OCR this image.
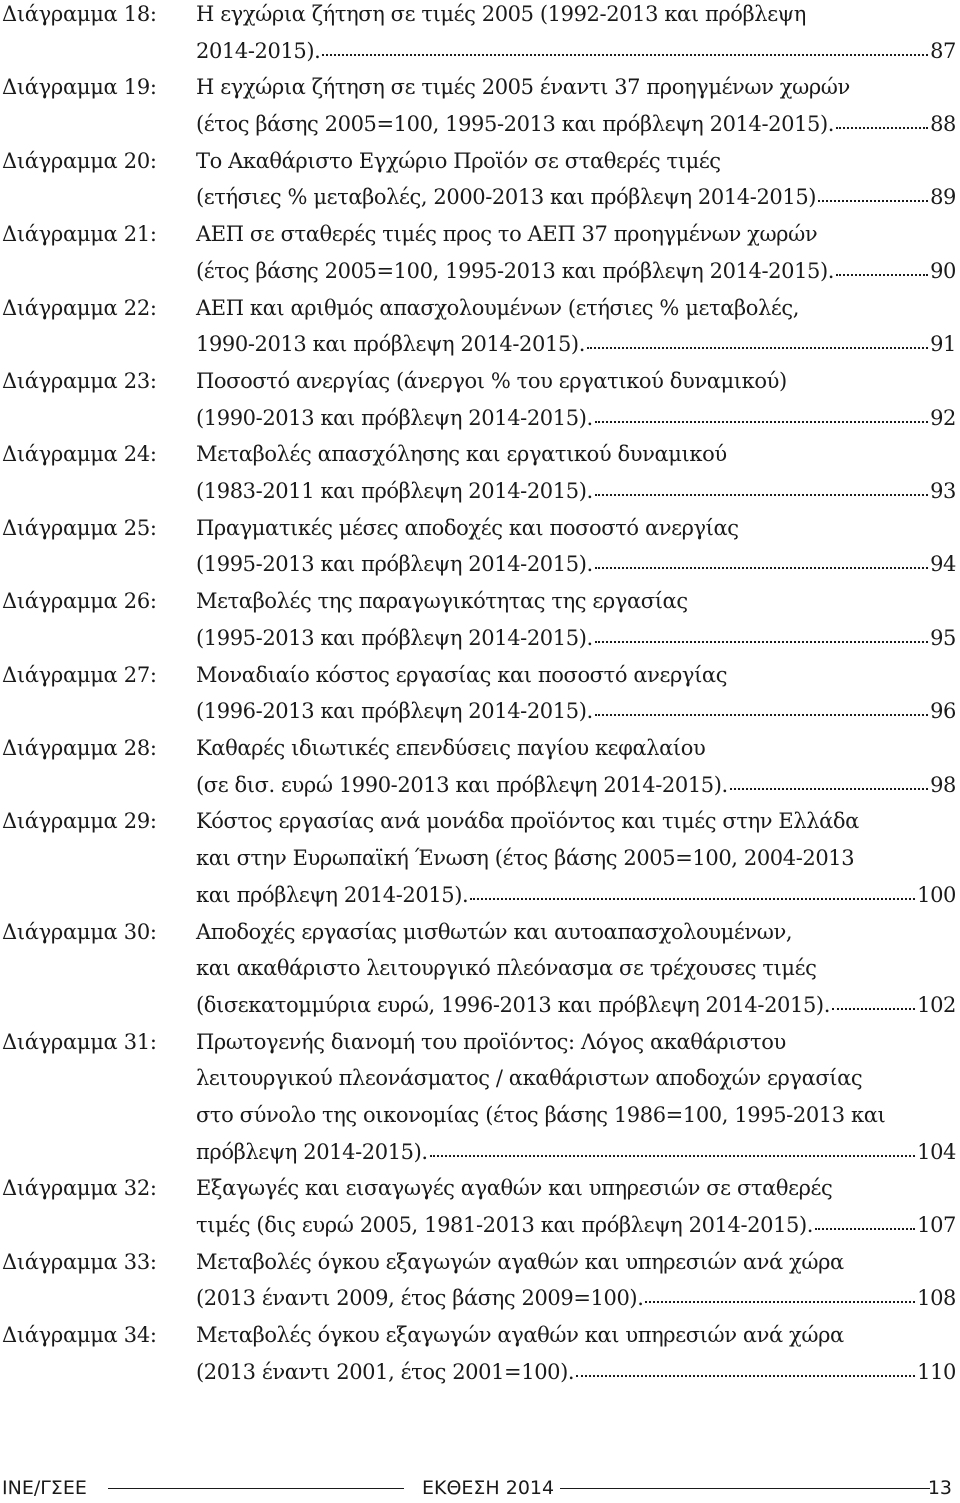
Διάγραμμα 18: Η εγχώρια ζήτηση σε τιμές 2005 (1992-2013 και πρόβλεψη
2014-2015).	87
Διάγραμμα 19: Η εγχώρια ζήτηση σε τιμές 2005 έναντι 37 προηγμένων χωρών
(έτος βάσης 2005=100, 1995-2013 και πρόβλεψη 2014-2015).	88
Διάγραμμα 20: Το Ακαθάριστο Εγχώριο Προϊόν σε σταθερές τιμές
(ετήσιες % μεταβολές, 2000-2013 και πρόβλεψη 2014-2015)	89
Διάγραμμα 21: ΑΕΠ σε σταθερές τιμές προς το ΑΕΠ 37 προηγμένων χωρών
(έτος βάσης 2005=100, 1995-2013 και πρόβλεψη 2014-2015).	90
Διάγραμμα 22: ΑΕΠ και αριθμός απασχολουμένων (ετήσιες % μεταβολές,
1990-2013 και πρόβλεψη 2014-2015).	91
Διάγραμμα 23: Ποσοστό ανεργίας (άνεργοι % του εργατικού δυναμικού)
(1990-2013 και πρόβλεψη 2014-2015).	92
Διάγραμμα 24: Μεταβολές απασχόλησης και εργατικού δυναμικού
(1983-2011 και πρόβλεψη 2014-2015).	93
Διάγραμμα 25: Πραγματικές μέσες αποδοχές και ποσοστό ανεργίας
(1995-2013 και πρόβλεψη 2014-2015).	94
Διάγραμμα 26: Μεταβολές της παραγωγικότητας της εργασίας
(1995-2013 και πρόβλεψη 2014-2015).	95
Διάγραμμα 27: Μοναδιαίο κόστος εργασίας και ποσοστό ανεργίας
(1996-2013 και πρόβλεψη 2014-2015).	96
Διάγραμμα 28: Καθαρές ιδιωτικές επενδύσεις παγίου κεφαλαίου
(σε δισ. ευρώ 1990-2013 και πρόβλεψη 2014-2015).	98
Διάγραμμα 29: Κόστος εργασίας ανά μονάδα προϊόντος και τιμές στην Ελλάδα
και στην Ευρωπαϊκή Ένωση (έτος βάσης 2005=100, 2004-2013
και πρόβλεψη 2014-2015).	100
Διάγραμμα 30: Αποδοχές εργασίας μισθωτών και αυτοαπασχολουμένων,
και ακαθάριστο λειτουργικό πλεόνασμα σε τρέχουσες τιμές
(δισεκατομμύρια ευρώ, 1996-2013 και πρόβλεψη 2014-2015).	102
Διάγραμμα 31: Πρωτογενής διανομή του προϊόντος: Λόγος ακαθάριστου
λειτουργικού πλεονάσματος / ακαθάριστων αποδοχών εργασίας
στο σύνολο της οικονομίας (έτος βάσης 1986=100, 1995-2013 και
πρόβλεψη 2014-2015).	104
Διάγραμμα 32: Εξαγωγές και εισαγωγές αγαθών και υπηρεσιών σε σταθερές
τιμές (δις ευρώ 2005, 1981-2013 και πρόβλεψη 2014-2015).	107
Διάγραμμα 33: Μεταβολές όγκου εξαγωγών αγαθών και υπηρεσιών ανά χώρα
(2013 έναντι 2009, έτος βάσης 2009=100).	108
Διάγραμμα 34: Μεταβολές όγκου εξαγωγών αγαθών και υπηρεσιών ανά χώρα
(2013 έναντι 2001, έτος 2001=100).	110
ΙΝΕ/ΓΣΕΕ	ΕΚΘΕΣΗ 2014	13
